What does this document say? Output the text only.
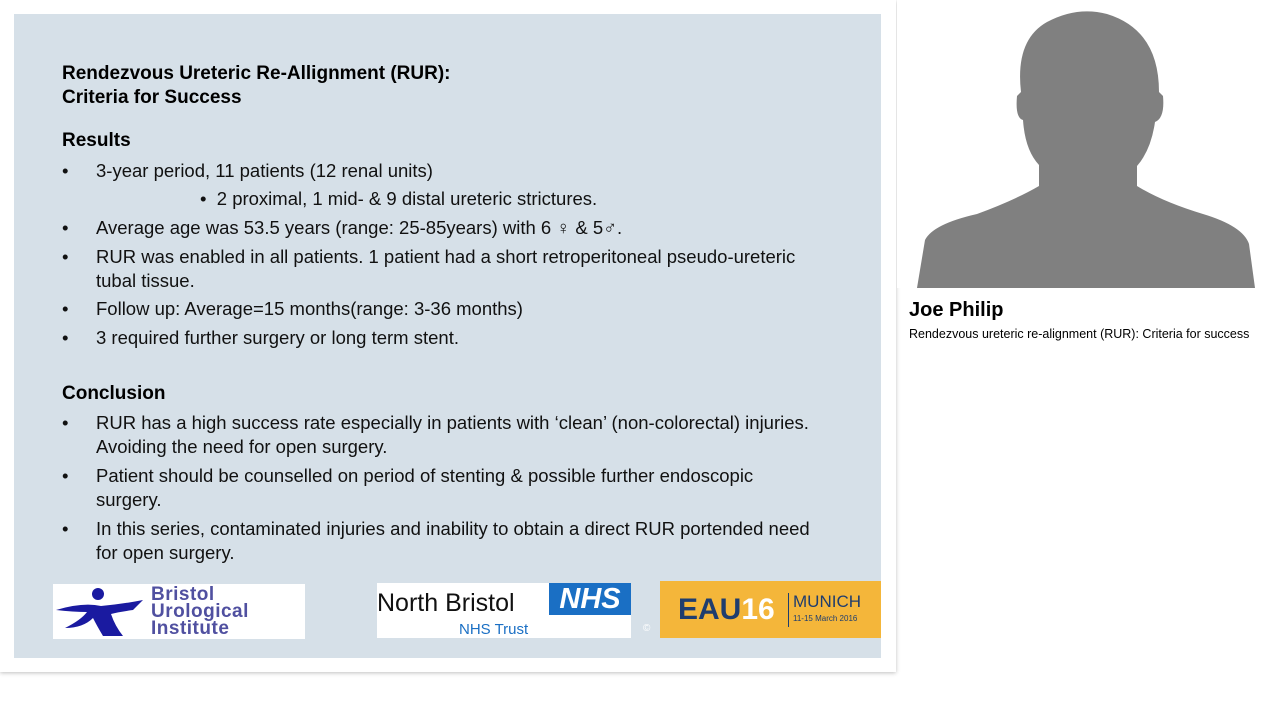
Rendezvous Ureteric Re-Allignment (RUR):
Criteria for Success
Results
• 3-year period, 11 patients (12 renal units)
• 2 proximal, 1 mid- & 9 distal ureteric strictures.
• Average age was 53.5 years (range: 25-85years) with 6 ♀ & 5♂.
• RUR was enabled in all patients. 1 patient had a short retroperitoneal pseudo-ureteric tubal tissue.
• Follow up: Average=15 months(range: 3-36 months)
• 3 required further surgery or long term stent.
Conclusion
• RUR has a high success rate especially in patients with ‘clean’ (non-colorectal) injuries. Avoiding the need for open surgery.
• Patient should be counselled on period of stenting & possible further endoscopic surgery.
• In this series, contaminated injuries and inability to obtain a direct RUR portended need for open surgery.
Bristol
Urological
Institute
North Bristol	NHS
NHS Trust	©
EAU16 MUNICH
11-15 March 2016
Joe Philip
Rendezvous ureteric re-alignment (RUR): Criteria for success
